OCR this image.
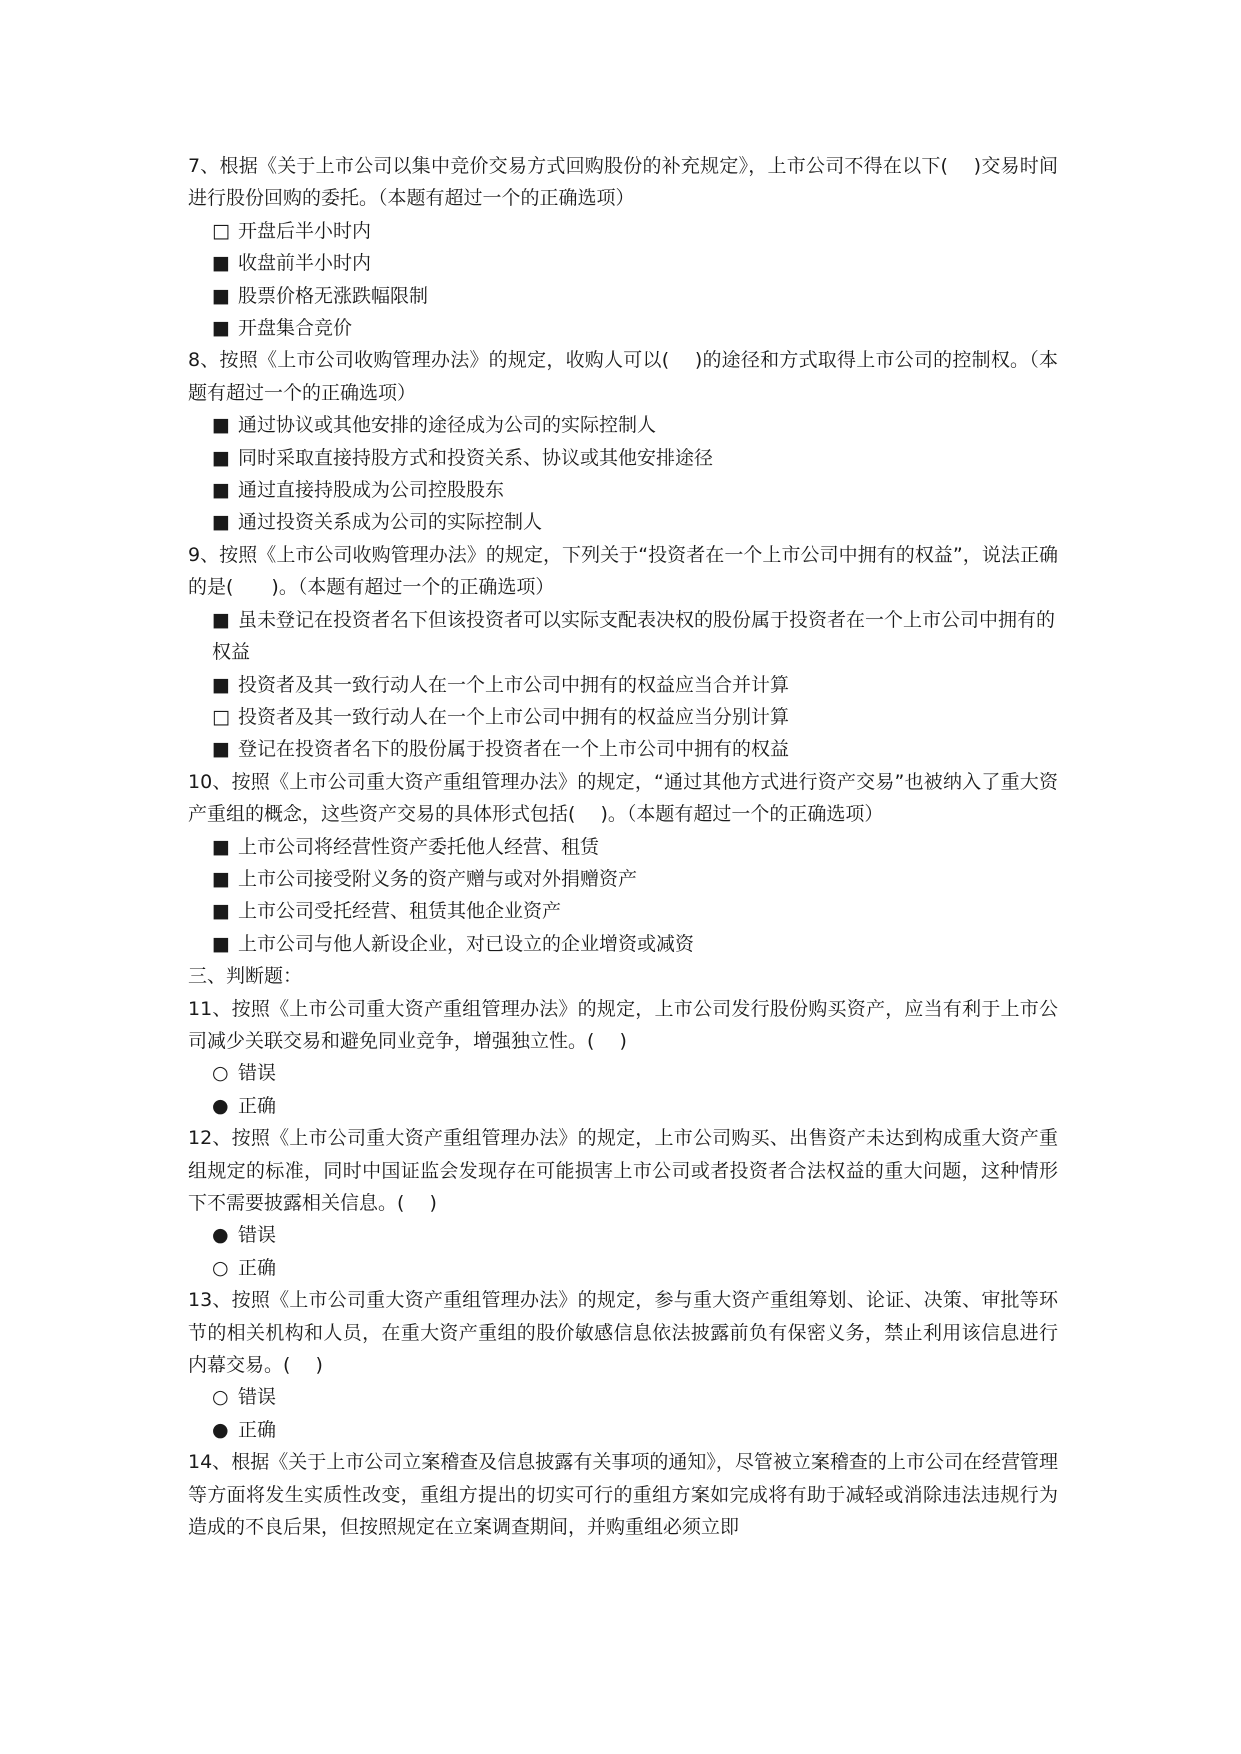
7、根据《关于上市公司以集中竞价交易方式回购股份的补充规定》，上市公司不得在以下(　 )交易时间进行股份回购的委托。（本题有超过一个的正确选项）

□ 开盘后半小时内

■ 收盘前半小时内

■ 股票价格无涨跌幅限制

■ 开盘集合竞价

8、按照《上市公司收购管理办法》的规定，收购人可以(　 )的途径和方式取得上市公司的控制权。（本题有超过一个的正确选项）

■ 通过协议或其他安排的途径成为公司的实际控制人

■ 同时采取直接持股方式和投资关系、协议或其他安排途径

■ 通过直接持股成为公司控股股东

■ 通过投资关系成为公司的实际控制人

9、按照《上市公司收购管理办法》的规定，下列关于“投资者在一个上市公司中拥有的权益”，说法正确的是(　　)。（本题有超过一个的正确选项）

■ 虽未登记在投资者名下但该投资者可以实际支配表决权的股份属于投资者在一个上市公司中拥有的权益

■ 投资者及其一致行动人在一个上市公司中拥有的权益应当合并计算

□ 投资者及其一致行动人在一个上市公司中拥有的权益应当分别计算

■ 登记在投资者名下的股份属于投资者在一个上市公司中拥有的权益

10、按照《上市公司重大资产重组管理办法》的规定，“通过其他方式进行资产交易”也被纳入了重大资产重组的概念，这些资产交易的具体形式包括(　 )。（本题有超过一个的正确选项）

■ 上市公司将经营性资产委托他人经营、租赁

■ 上市公司接受附义务的资产赠与或对外捐赠资产

■ 上市公司受托经营、租赁其他企业资产

■ 上市公司与他人新设企业，对已设立的企业增资或减资

三、判断题：

11、按照《上市公司重大资产重组管理办法》的规定，上市公司发行股份购买资产，应当有利于上市公司减少关联交易和避免同业竞争，增强独立性。(　 )

○ 错误

● 正确

12、按照《上市公司重大资产重组管理办法》的规定，上市公司购买、出售资产未达到构成重大资产重组规定的标准，同时中国证监会发现存在可能损害上市公司或者投资者合法权益的重大问题，这种情形下不需要披露相关信息。(　 )

● 错误

○ 正确

13、按照《上市公司重大资产重组管理办法》的规定，参与重大资产重组筹划、论证、决策、审批等环节的相关机构和人员，在重大资产重组的股价敏感信息依法披露前负有保密义务，禁止利用该信息进行内幕交易。(　 )

○ 错误

● 正确

14、根据《关于上市公司立案稽查及信息披露有关事项的通知》，尽管被立案稽查的上市公司在经营管理等方面将发生实质性改变，重组方提出的切实可行的重组方案如完成将有助于减轻或消除违法违规行为造成的不良后果，但按照规定在立案调查期间，并购重组必须立即
